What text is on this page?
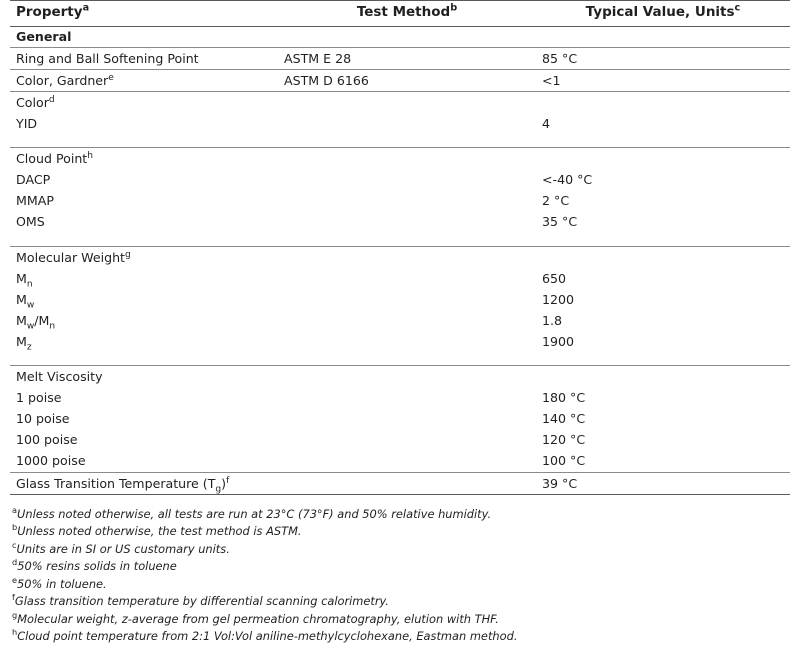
Property$^a$	Test Method$^b$	Typical Value, Units$^c$
General		
Ring and Ball Softening Point	ASTM E 28	85 °C
Color, Gardner$^e$	ASTM D 6166	<1
Color$^d$		
YID		4

Cloud Point$^h$		
DACP		<-40 °C
MMAP		2 °C
OMS		35 °C

Molecular Weight$^g$		
$M_n$		650
$M_w$		1200
$M_w/M_n$		1.8
$M_z$		1900

Melt Viscosity		
1 poise		180 °C
10 poise		140 °C
100 poise		120 °C
1000 poise		100 °C
Glass Transition Temperature $(T_g)^f$		39 °C
$^a$Unless noted otherwise, all tests are run at 23°C (73°F) and 50% relative humidity.
$^b$Unless noted otherwise, the test method is ASTM.
$^c$Units are in SI or US customary units.
$^d$50% resins solids in toluene
$^e$50% in toluene.
$^f$Glass transition temperature by differential scanning calorimetry.
$^g$Molecular weight, z-average from gel permeation chromatography, elution with THF.
$^h$Cloud point temperature from 2:1 Vol:Vol aniline-methylcyclohexane, Eastman method.
